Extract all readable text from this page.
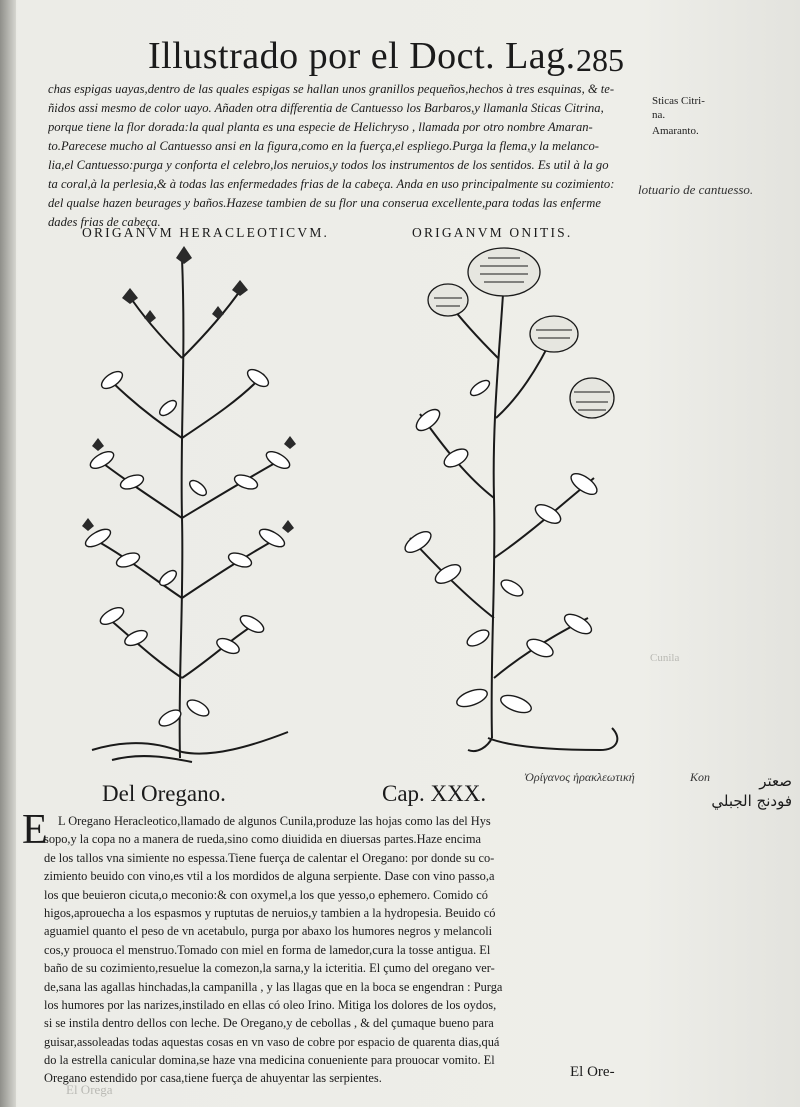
Illustrado por el Doct. Lag. 285
chas espigas uayas,dentro de las quales espigas se hallan unos granillos pequeños,hechos à tres esquinas, & te-
ñidos assi mesmo de color uayo. Añaden otra differentia de Cantuesso los Barbaros,y llamanla Sticas Citrina,
porque tiene la flor dorada:la qual planta es una especie de Helichryso , llamada por otro nombre Amaran-
to.Parecese mucho al Cantuesso ansi en la figura,como en la fuerça,el espliego.Purga la flema,y la melanco-
lia,el Cantuesso:purga y conforta el celebro,los neruios,y todos los instrumentos de los sentidos. Es util à la go
ta coral,à la perlesia,& à todas las enfermedades frias de la cabeça. Anda en uso principalmente su cozimiento:
del qualse hazen beurages y baños.Hazese tambien de su flor una conserua excellente,para todas las enferme
dades frias de cabeça.
Sticas Citri-
na.
Amaranto.
lotuario de cantuesso.
Cunila
ORIGANVM HERACLEOTICVM.	ORIGANVM ONITIS.
Del Oregano.	Cap. XXX.
Ὀρίγανος ἡρακλεωτική	Kon	صعتر
فودنج الجبلي
E L Oregano Heracleotico,llamado de algunos Cunila,produze las hojas como las del Hys
sopo,y la copa no a manera de rueda,sino como diuidida en diuersas partes.Haze encima
de los tallos vna simiente no espessa.Tiene fuerça de calentar el Oregano: por donde su co-
zimiento beuido con vino,es vtil a los mordidos de alguna serpiente. Dase con vino passo,a
los que beuieron cicuta,o meconio:& con oxymel,a los que yesso,o ephemero. Comido có
higos,aprouecha a los espasmos y ruptutas de neruios,y tambien a la hydropesia. Beuido có
aguamiel quanto el peso de vn acetabulo, purga por abaxo los humores negros y melancoli
cos,y prouoca el menstruo.Tomado con miel en forma de lamedor,cura la tosse antigua. El
baño de su cozimiento,resuelue la comezon,la sarna,y la icteritia. El çumo del oregano ver-
de,sana las agallas hinchadas,la campanilla , y las llagas que en la boca se engendran : Purga
los humores por las narizes,instilado en ellas có oleo Irino. Mitiga los dolores de los oydos,
si se instila dentro dellos con leche. De Oregano,y de cebollas , & del çumaque bueno para
guisar,assoleadas todas aquestas cosas en vn vaso de cobre por espacio de quarenta dias,quá
do la estrella canicular domina,se haze vna medicina conueniente para prouocar vomito. El
Oregano estendido por casa,tiene fuerça de ahuyentar las serpientes.	El Ore-
El Orega
